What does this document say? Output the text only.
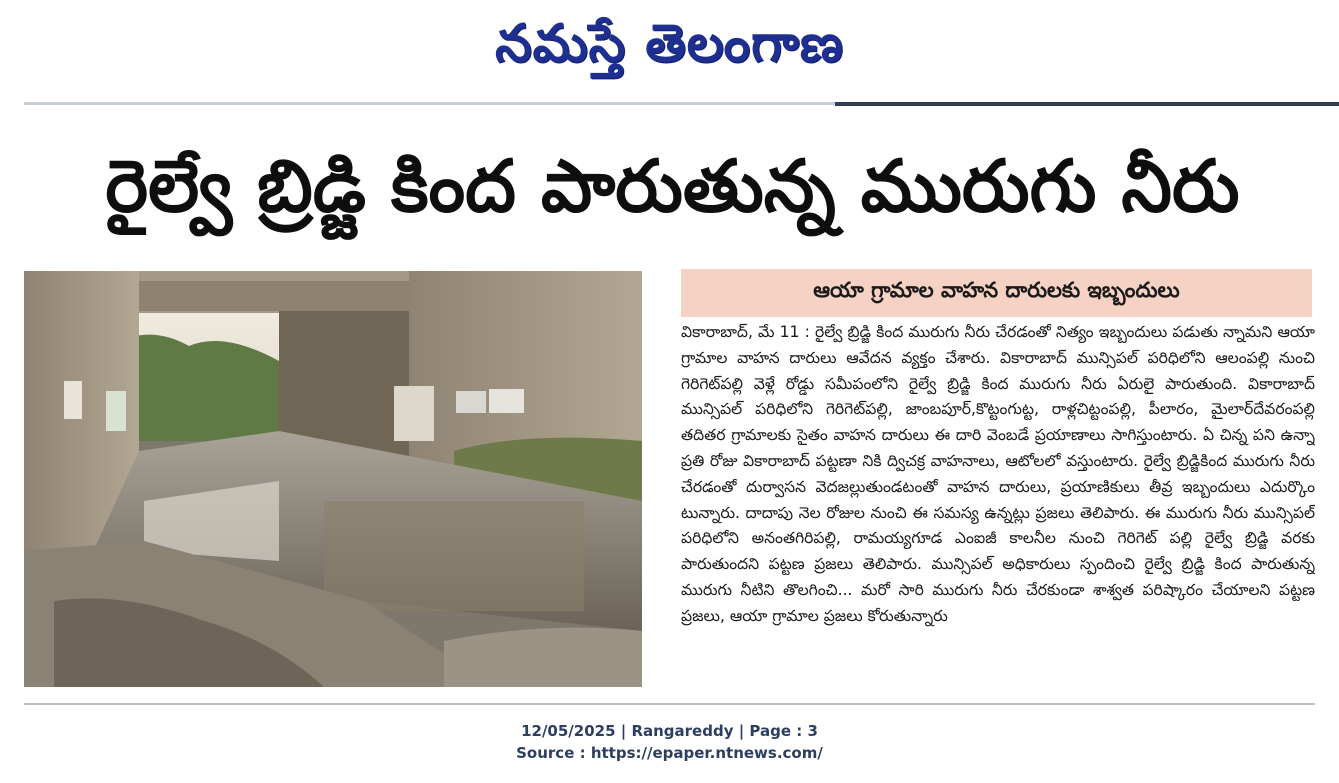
నమస్తే తెలంగాణ
రైల్వే బ్రిడ్జి కింద పారుతున్న మురుగు నీరు
ఆయా గ్రామాల వాహన దారులకు ఇబ్బందులు

వికారాబాద్, మే 11 : రైల్వే బ్రిడ్జి కింద మురుగు నీరు చేరడంతో నిత్యం ఇబ్బందులు పడుతు న్నామని ఆయా గ్రామాల వాహన దారులు ఆవేదన వ్యక్తం చేశారు. వికారాబాద్ మున్సిపల్ పరిధిలోని ఆలంపల్లి నుంచి గెరిగెట్‌పల్లి వెళ్లే రోడ్డు సమీపంలోని రైల్వే బ్రిడ్జి కింద మురుగు నీరు ఏరులై పారుతుంది. వికారాబాద్ మున్సిపల్ పరిధిలోని గెరిగెట్‌పల్లి, జాంబపూర్,కొట్టంగుట్ట, రాళ్లచిట్టంపల్లి, పీలారం, మైలార్‌దేవరంపల్లి తదితర గ్రామాలకు సైతం వాహన దారులు ఈ దారి వెంబడే ప్రయాణాలు సాగిస్తుంటారు. ఏ చిన్న పని ఉన్నా ప్రతి రోజు వికారాబాద్ పట్టణా నికి ద్విచక్ర వాహనాలు, ఆటోలలో వస్తుంటారు. రైల్వే బ్రిడ్జికింద మురుగు నీరు చేరడంతో దుర్వాసన వెదజల్లుతుండటంతో వాహన దారులు, ప్రయాణికులు తీవ్ర ఇబ్బందులు ఎదుర్కొం టున్నారు. దాదాపు నెల రోజుల నుంచి ఈ సమస్య ఉన్నట్లు ప్రజలు తెలిపారు. ఈ మురుగు నీరు మున్సిపల్ పరిధిలోని అనంతగిరిపల్లి, రామయ్యగూడ ఎంఐజీ కాలనీల నుంచి గెరిగెట్ పల్లి రైల్వే బ్రిడ్జి వరకు పారుతుందని పట్టణ ప్రజలు తెలిపారు. మున్సిపల్ అధికారులు స్పందించి రైల్వే బ్రిడ్జి కింద పారుతున్న మురుగు నీటిని తొలగించి... మరో సారి మురుగు నీరు చేరకుండా శాశ్వత పరిష్కారం చేయాలని పట్టణ ప్రజలు, ఆయా గ్రామాల ప్రజలు కోరుతున్నారు

12/05/2025 | Rangareddy | Page : 3
Source : https://epaper.ntnews.com/
